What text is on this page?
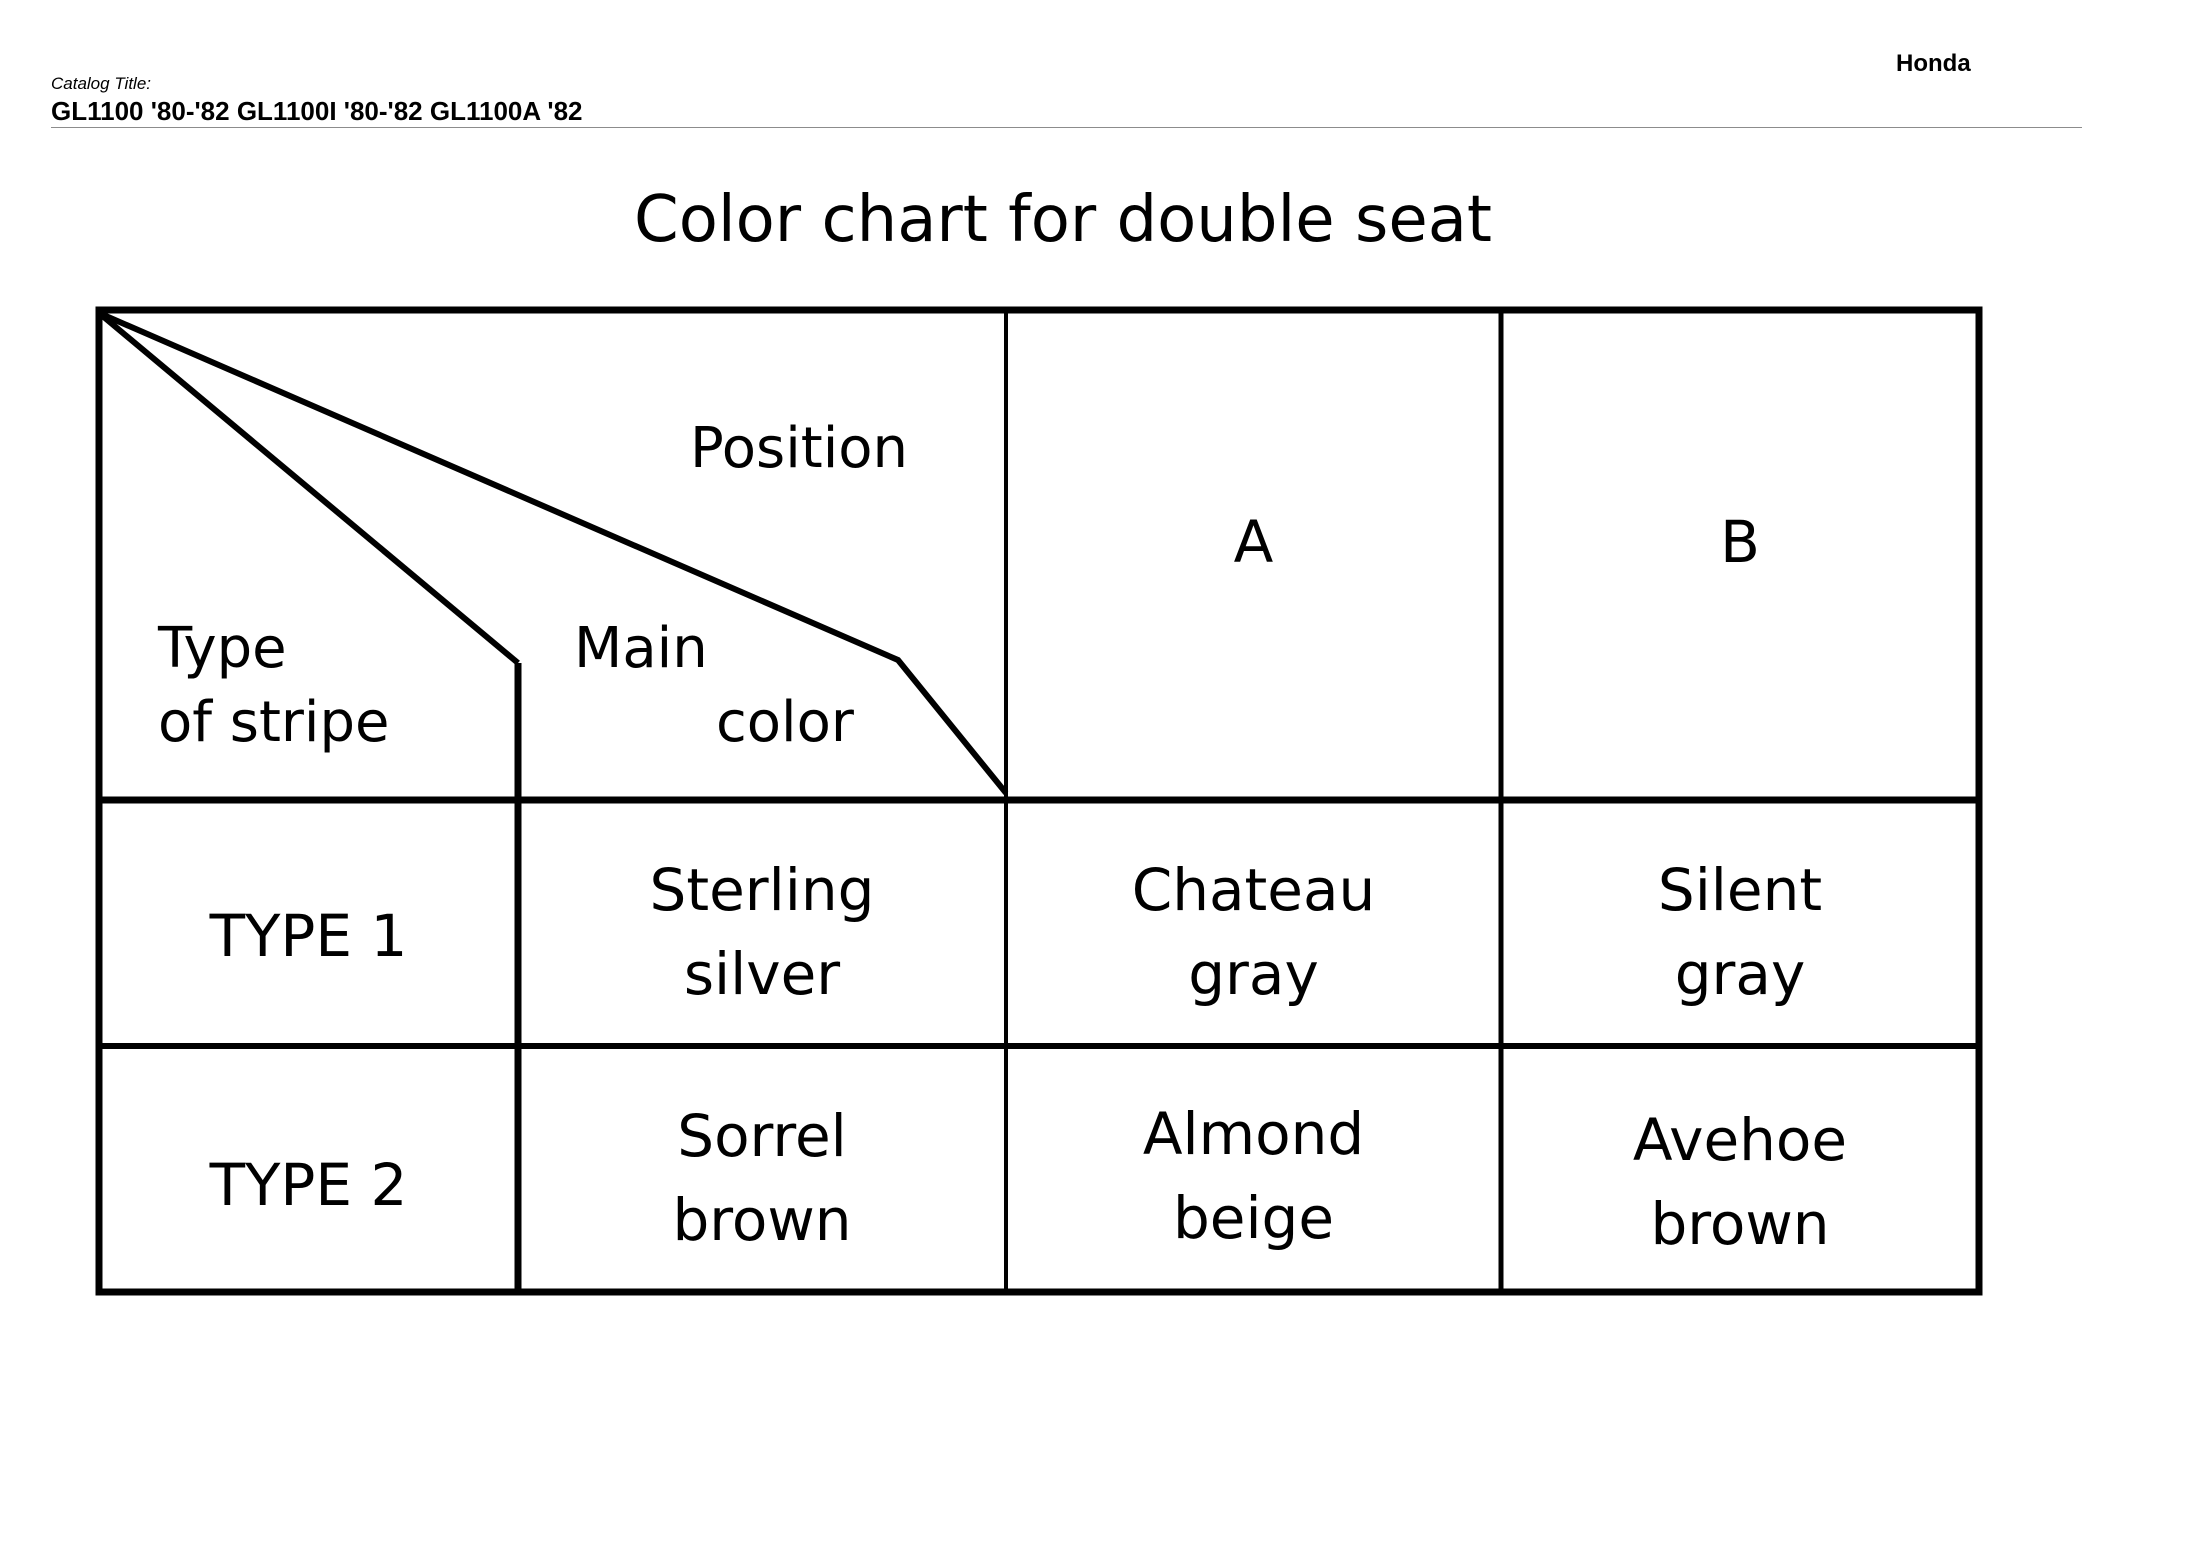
Honda
Catalog Title:
GL1100 '80-'82 GL1100I '80-'82 GL1100A '82
Color chart for double seat
Position
Main
color
Type
of stripe
A	B
TYPE 1
Sterling
silver
Chateau
gray
Silent
gray
TYPE 2
Sorrel
brown
Almond
beige
Avehoe
brown
